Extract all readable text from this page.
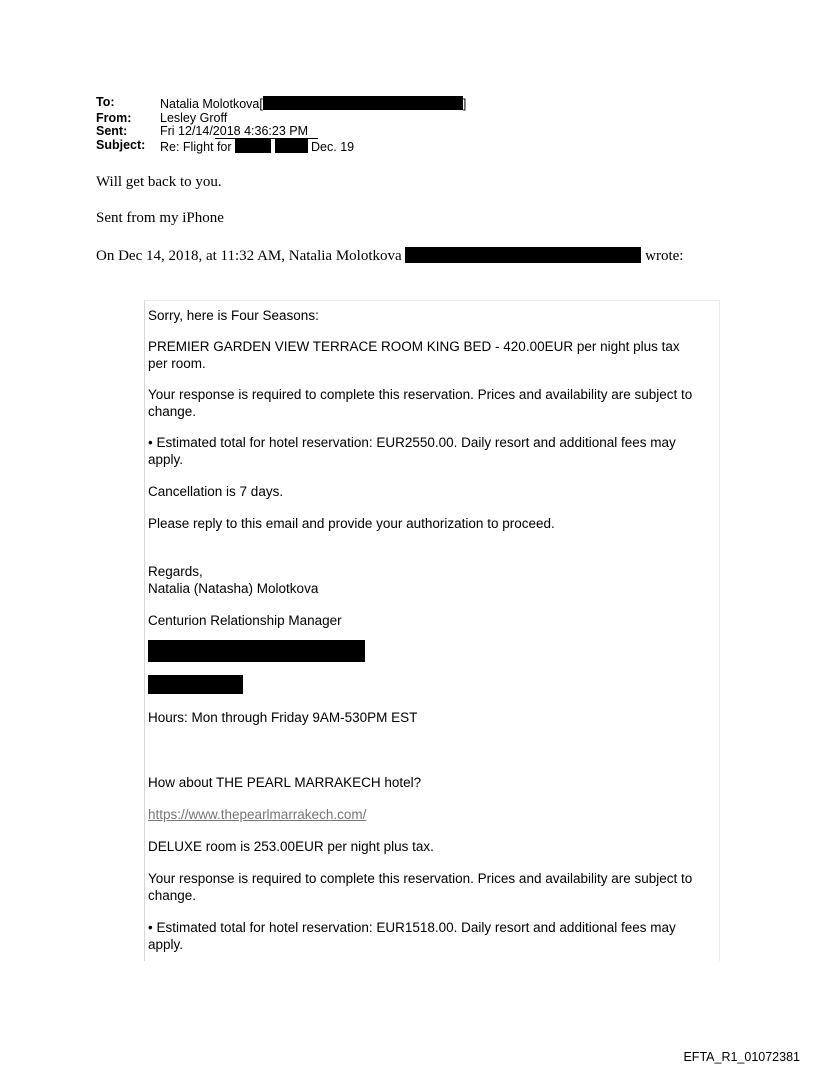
To:	Natalia Molotkova[	]
From:	Lesley Groff
Sent:	Fri 12/14/2018 4:36:23 PM
Subject:	Re: Flight for	Dec. 19
Will get back to you.
Sent from my iPhone
On Dec 14, 2018, at 11:32 AM, Natalia Molotkova	wrote:
Sorry, here is Four Seasons:
PREMIER GARDEN VIEW TERRACE ROOM KING BED - 420.00EUR per night plus tax
per room.
Your response is required to complete this reservation. Prices and availability are subject to
change.
• Estimated total for hotel reservation: EUR2550.00. Daily resort and additional fees may
apply.
Cancellation is 7 days.
Please reply to this email and provide your authorization to proceed.
Regards,
Natalia (Natasha) Molotkova
Centurion Relationship Manager
Hours: Mon through Friday 9AM-530PM EST
How about THE PEARL MARRAKECH hotel?
https://www.thepearlmarrakech.com/
DELUXE room is 253.00EUR per night plus tax.
Your response is required to complete this reservation. Prices and availability are subject to
change.
• Estimated total for hotel reservation: EUR1518.00. Daily resort and additional fees may
apply.
EFTA_R1_01072381
